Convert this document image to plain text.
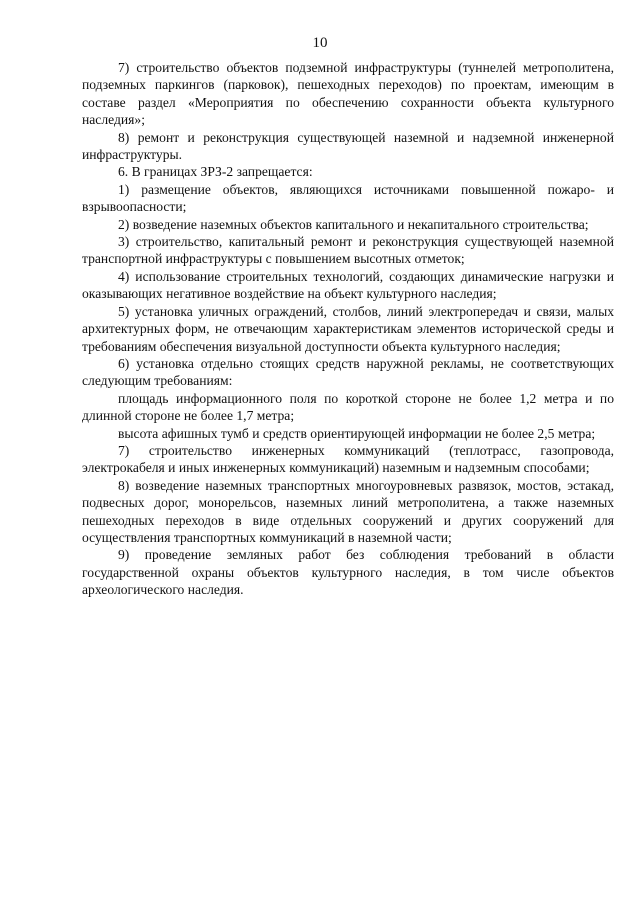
10

7) строительство объектов подземной инфраструктуры (туннелей метрополитена, подземных паркингов (парковок), пешеходных переходов) по проектам, имеющим в составе раздел «Мероприятия по обеспечению сохранности объекта культурного наследия»;

8) ремонт и реконструкция существующей наземной и надземной инженерной инфраструктуры.

6. В границах ЗРЗ-2 запрещается:

1) размещение объектов, являющихся источниками повышенной пожаро- и взрывоопасности;

2) возведение наземных объектов капитального и некапитального строительства;

3) строительство, капитальный ремонт и реконструкция существующей наземной транспортной инфраструктуры с повышением высотных отметок;

4) использование строительных технологий, создающих динамические нагрузки и оказывающих негативное воздействие на объект культурного наследия;

5) установка уличных ограждений, столбов, линий электропередач и связи, малых архитектурных форм, не отвечающим характеристикам элементов исторической среды и требованиям обеспечения визуальной доступности объекта культурного наследия;

6) установка отдельно стоящих средств наружной рекламы, не соответствующих следующим требованиям:

площадь информационного поля по короткой стороне не более 1,2 метра и по длинной стороне не более 1,7 метра;

высота афишных тумб и средств ориентирующей информации не более 2,5 метра;

7) строительство инженерных коммуникаций (теплотрасс, газопровода, электрокабеля и иных инженерных коммуникаций) наземным и надземным способами;

8) возведение наземных транспортных многоуровневых развязок, мостов, эстакад, подвесных дорог, монорельсов, наземных линий метрополитена, а также наземных пешеходных переходов в виде отдельных сооружений и других сооружений для осуществления транспортных коммуникаций в наземной части;

9) проведение земляных работ без соблюдения требований в области государственной охраны объектов культурного наследия, в том числе объектов археологического наследия.
